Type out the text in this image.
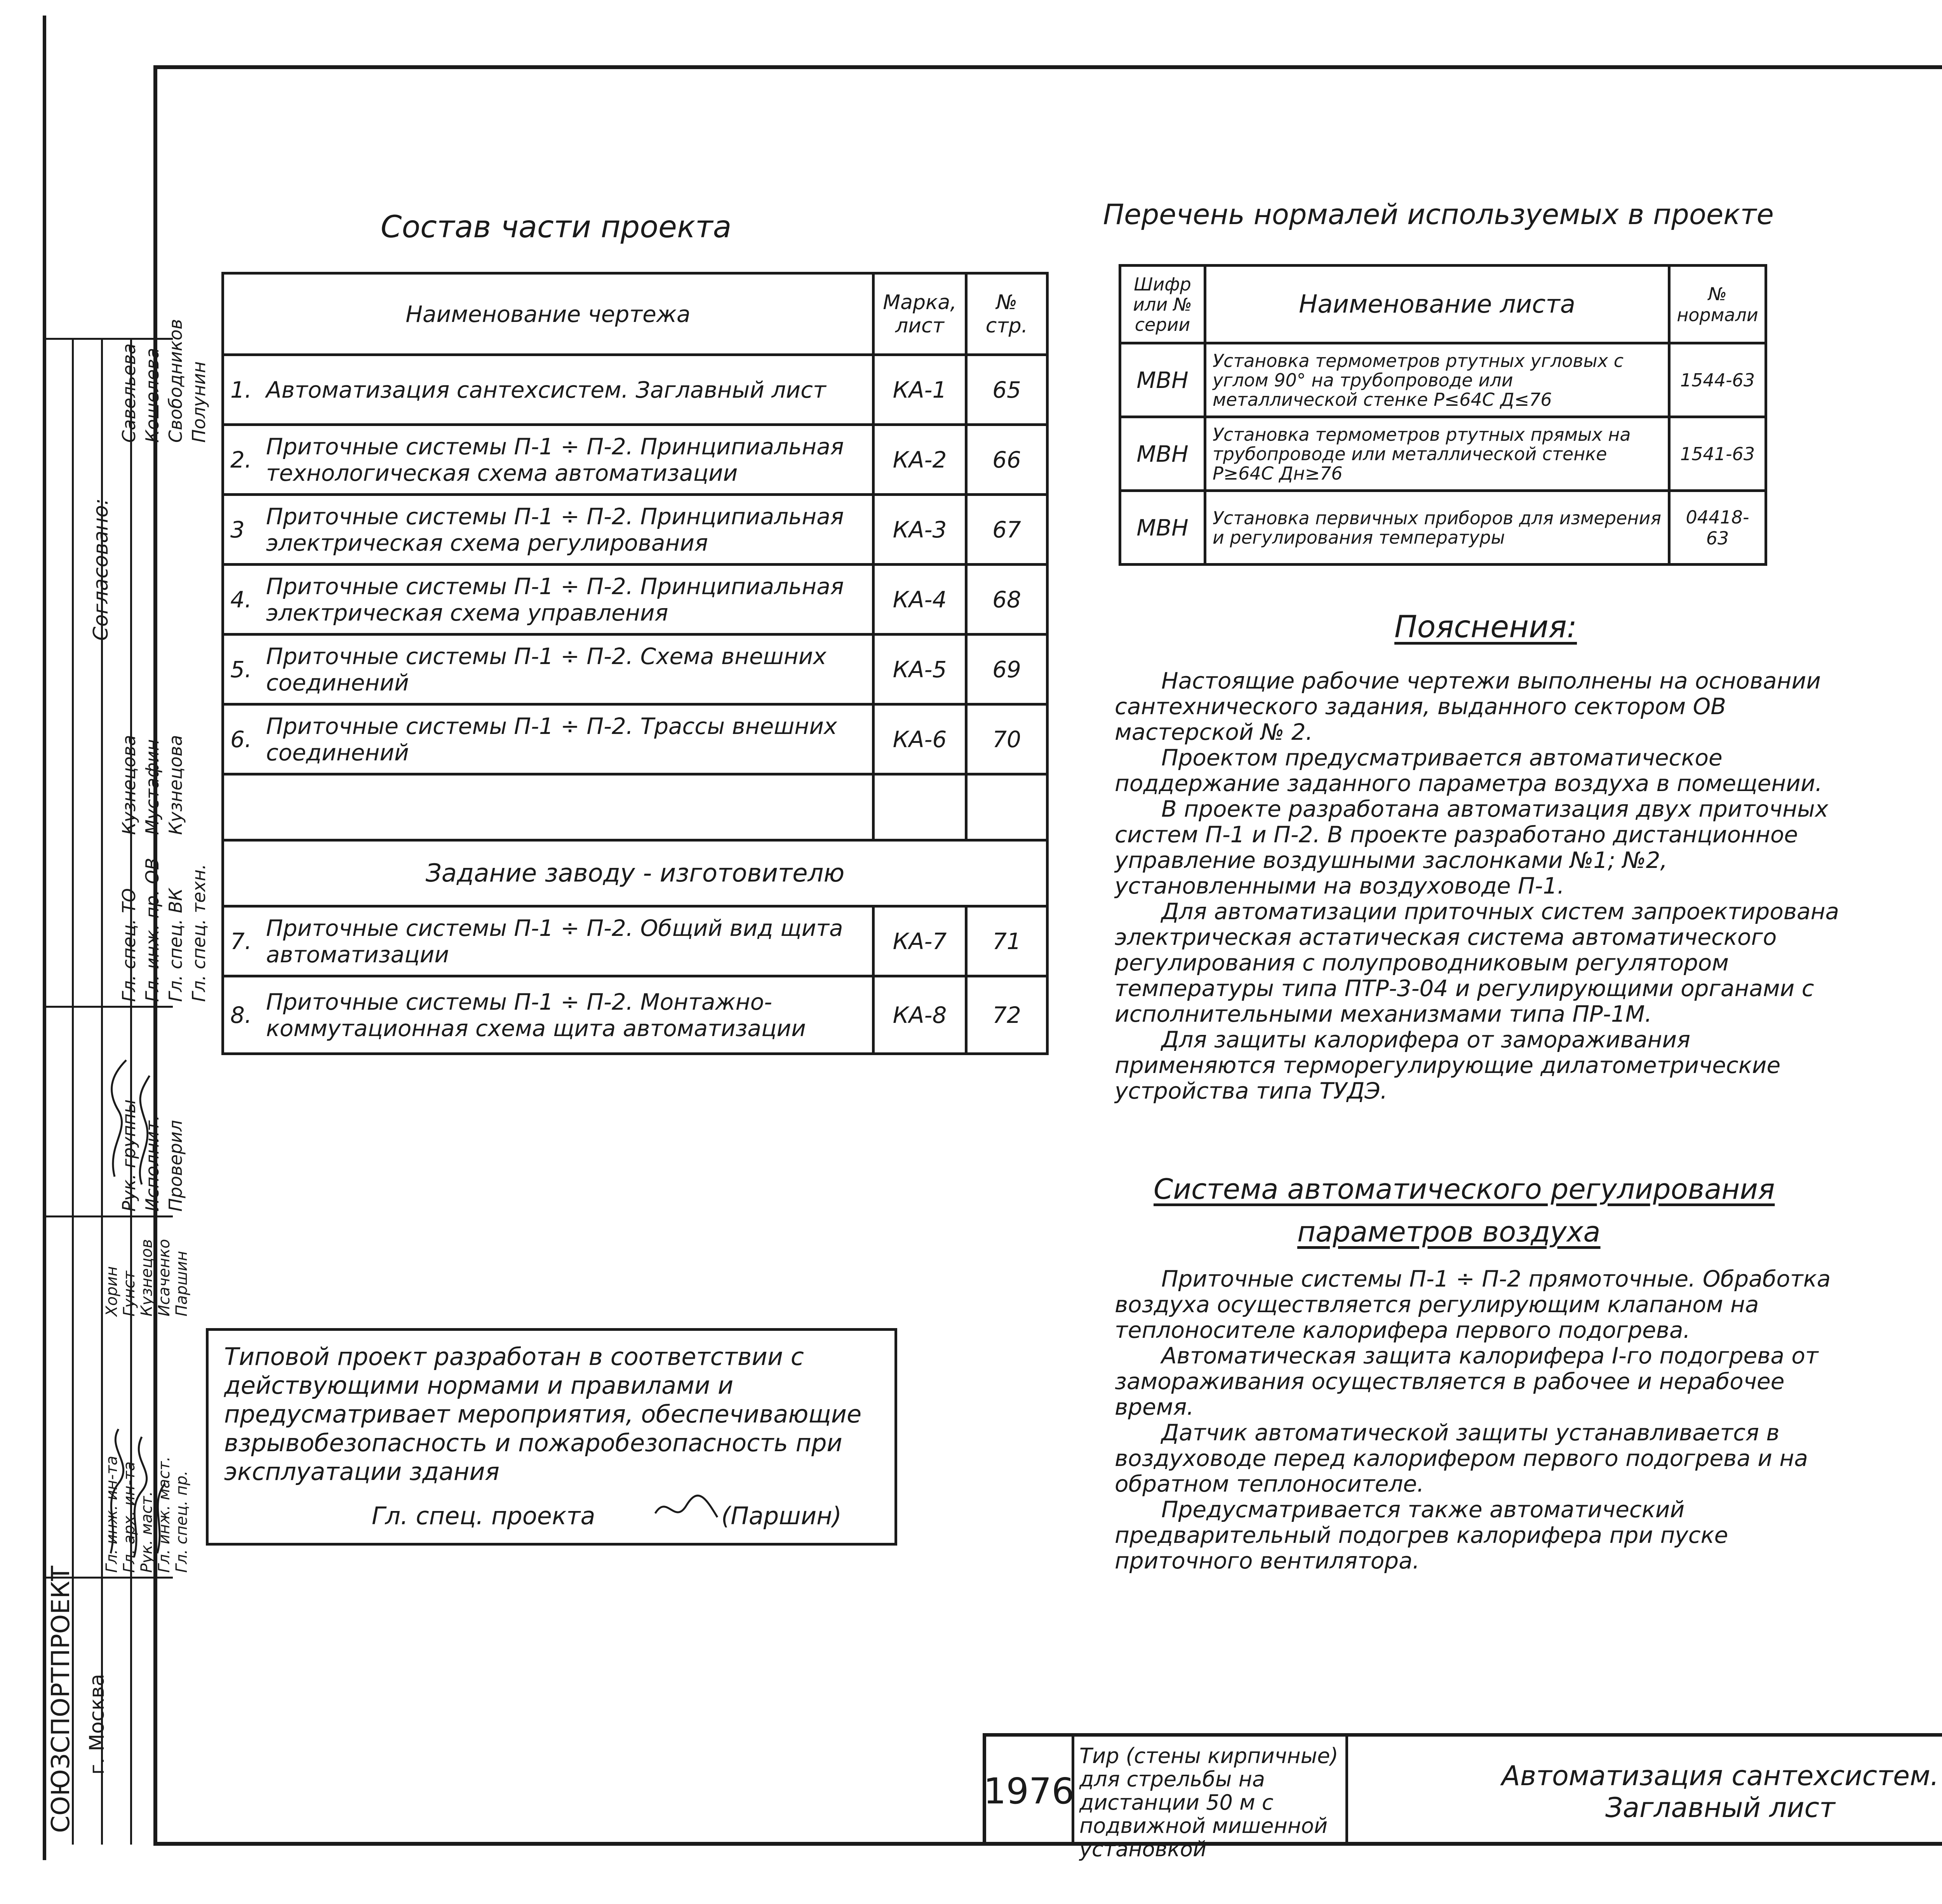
Согласовано:
Гл. спец. ТО Гл. инж. пр. ОВ Гл. спец. ВК Гл. спец. техн.
Савельева Кошелева Свободников Полунин
Рук. группы Исполнит. Проверил
Кузнецова Мустафин Кузнецова
Гл. инж. ин-та Гл. арх. ин-та Рук. маст. Гл. инж. маст. Гл. спец. пр.
Хорин Гунст Кузнецов Исаченко Паршин
СОЮЗСПОРТПРОЕКТ г. Москва
Состав части проекта
Наименование чертежа		Марка, лист	№ стр.
1.	Автоматизация сантехсистем. Заглавный лист	КА-1	65
2.	Приточные системы П-1 ÷ П-2. Принципиальная технологическая схема автоматизации	КА-2	66
3	Приточные системы П-1 ÷ П-2. Принципиальная электрическая схема регулирования	КА-3	67
4.	Приточные системы П-1 ÷ П-2. Принципиальная электрическая схема управления	КА-4	68
5.	Приточные системы П-1 ÷ П-2. Схема внешних соединений	КА-5	69
6.	Приточные системы П-1 ÷ П-2. Трассы внешних соединений	КА-6	70

Задание заводу - изготовителю			
7.	Приточные системы П-1 ÷ П-2. Общий вид щита автоматизации	КА-7	71
8.	Приточные системы П-1 ÷ П-2. Монтажно-коммутационная схема щита автоматизации	КА-8	72

Типовой проект разработан в соответствии с действующими нормами и правилами и предусматривает мероприятия, обеспечивающие взрывобезопасность и пожаробезопасность при эксплуатации здания

Гл. спец. проекта	(Паршин)
Перечень нормалей используемых в проекте
Шифр или № серии	Наименование листа	№ нормали
МВН	Установка термометров ртутных угловых с углом 90° на трубопроводе или металлической стенке P≤64С Д≤76	1544-63
МВН	Установка термометров ртутных прямых на трубопроводе или металлической стенке P≥64С Дн≥76	1541-63
МВН	Установка первичных приборов для измерения и регулирования температуры	04418-63
Пояснения:

Настоящие рабочие чертежи выполнены на основании сантехнического задания, выданного сектором ОВ мастерской № 2.

Проектом предусматривается автоматическое поддержание заданного параметра воздуха в помещении.

В проекте разработана автоматизация двух приточных систем П-1 и П-2. В проекте разработано дистанционное управление воздушными заслонками №1; №2, установленными на воздуховоде П-1.

Для автоматизации приточных систем запроектирована электрическая астатическая система автоматического регулирования с полупроводниковым регулятором температуры типа ПТР-3-04 и регулирующими органами с исполнительными механизмами типа ПР-1М.

Для защиты калорифера от замораживания применяются терморегулирующие дилатометрические устройства типа ТУДЭ.

Система автоматического регулирования
параметров воздуха

Приточные системы П-1 ÷ П-2 прямоточные. Обработка воздуха осуществляется регулирующим клапаном на теплоносителе калорифера первого подогрева.

Автоматическая защита калорифера I-го подогрева от замораживания осуществляется в рабочее и нерабочее время.

Датчик автоматической защиты устанавливается в воздуховоде перед калорифером первого подогрева и на обратном теплоносителе.

Предусматривается также автоматический предварительный подогрев калорифера при пуске приточного вентилятора.

1976
Тир (стены кирпичные) для стрельбы на дистанции 50 м с подвижной мишенной установкой
Автоматизация сантехсистем. Заглавный лист
